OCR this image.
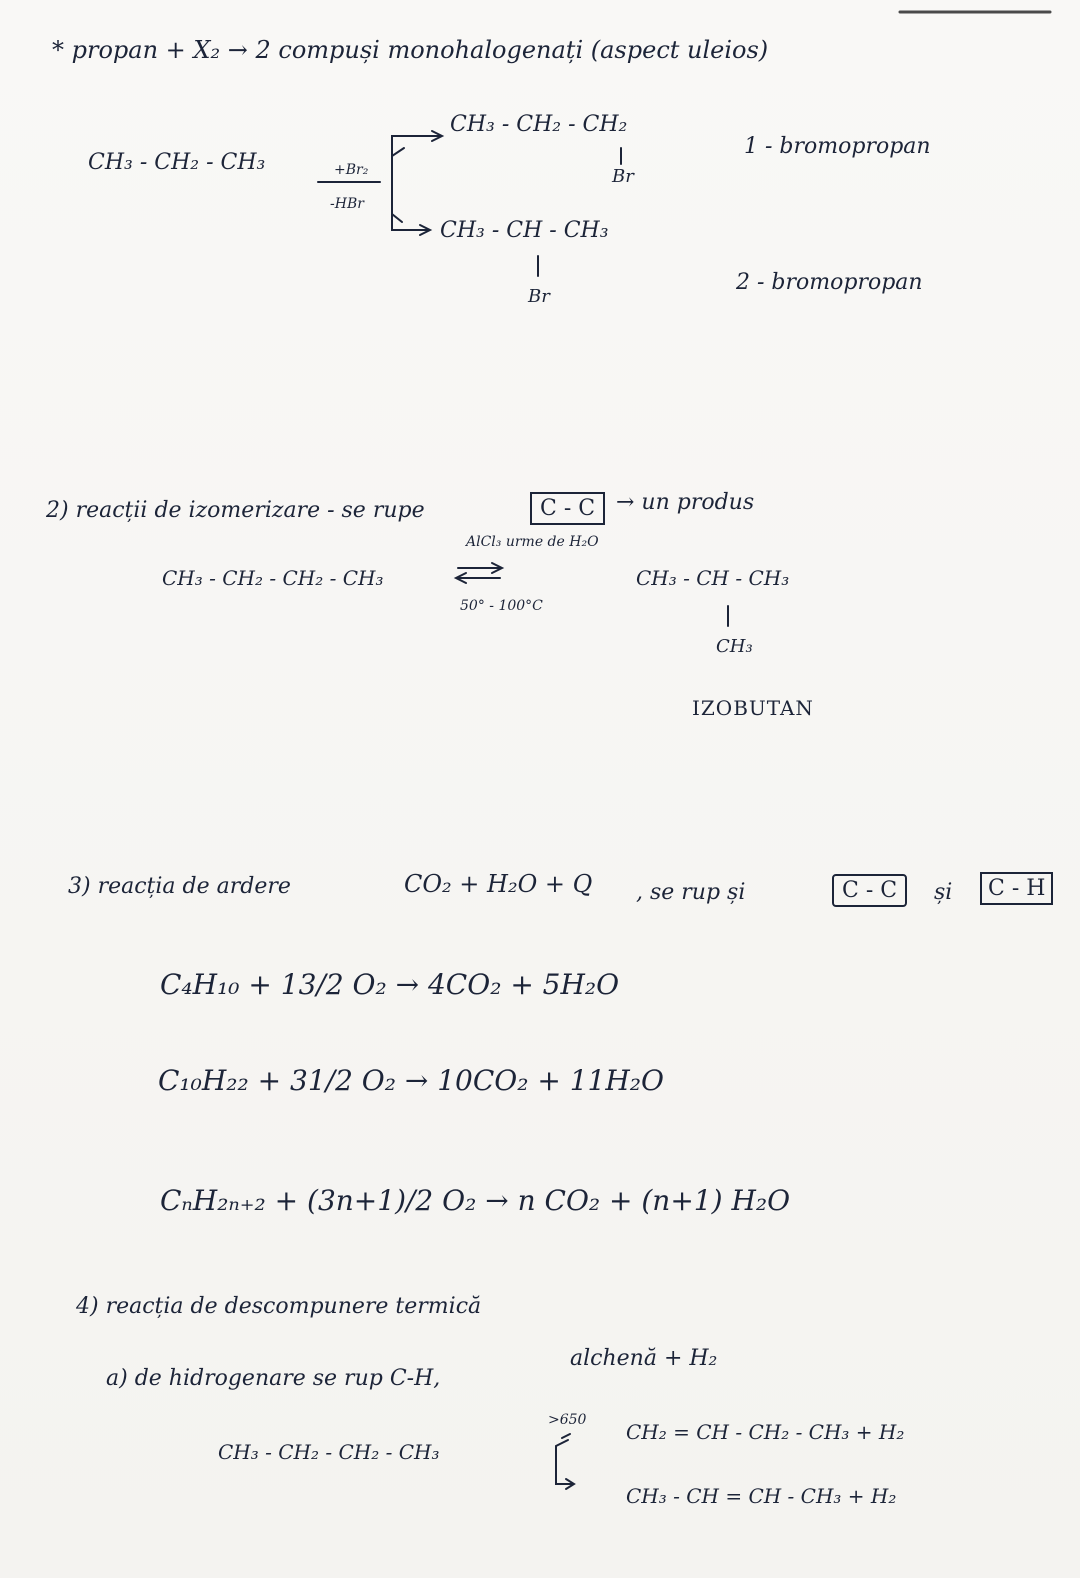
* propan + X₂ → 2 compuși monohalogenați (aspect uleios)
CH₃ - CH₂ - CH₃	+Br₂
-HBr
CH₃ - CH₂ - CH₂
Br
1 - bromopropan
CH₃ - CH - CH₃
Br
2 - bromopropan
2) reacții de izomerizare - se rupe	C - C → un produs
AlCl₃ urme de H₂O
CH₃ - CH₂ - CH₂ - CH₃
50° - 100°C
CH₃ - CH - CH₃
CH₃
IZOBUTAN
3) reacția de ardere	CO₂ + H₂O + Q , se rup și	C - C	și	C - H
C₄H₁₀ + 13/2 O₂ → 4CO₂ + 5H₂O
C₁₀H₂₂ + 31/2 O₂ → 10CO₂ + 11H₂O
CₙH₂ₙ₊₂ + (3n+1)/2 O₂ → n CO₂ + (n+1) H₂O
4) reacția de descompunere termică
a) de hidrogenare se rup C-H,
alchenă + H₂
>650
CH₃ - CH₂ - CH₂ - CH₃
CH₂ = CH - CH₂ - CH₃ + H₂
CH₃ - CH = CH - CH₃ + H₂
